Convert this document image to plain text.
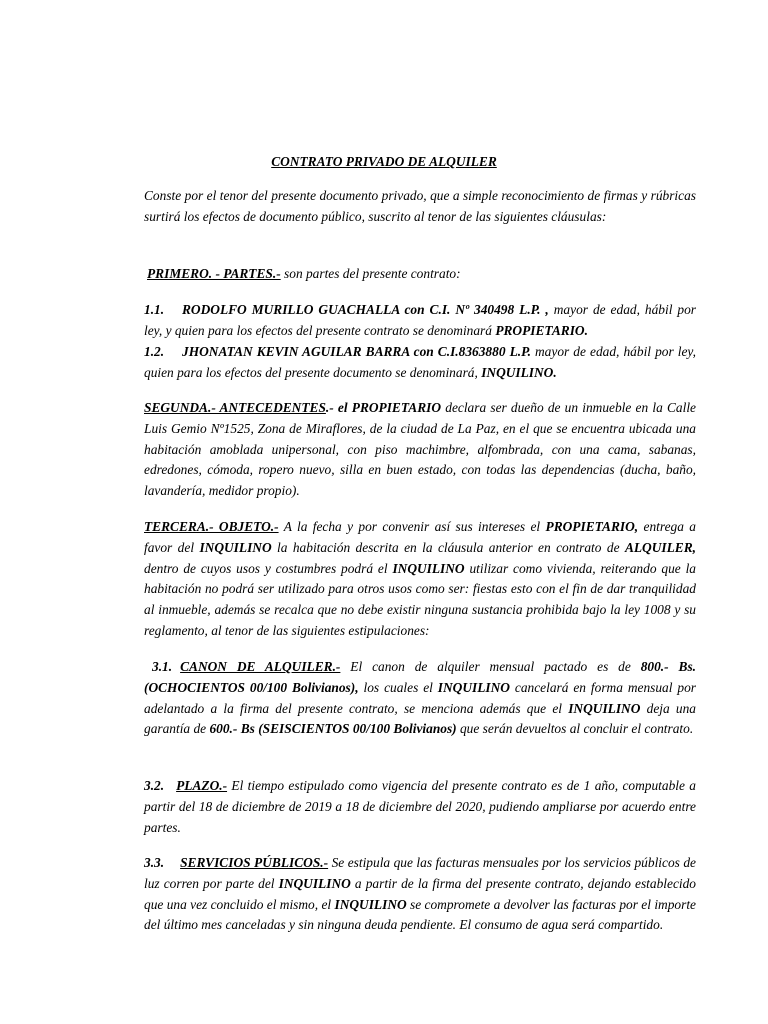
CONTRATO PRIVADO DE ALQUILER
Conste por el tenor del presente documento privado, que a simple reconocimiento de firmas y rúbricas surtirá los efectos de documento público, suscrito al tenor de las siguientes cláusulas:
PRIMERO. - PARTES.- son partes del presente contrato:
1.1. RODOLFO MURILLO GUACHALLA con C.I. Nº 340498 L.P. , mayor de edad, hábil por ley, y quien para los efectos del presente contrato se denominará PROPIETARIO.
1.2. JHONATAN KEVIN AGUILAR BARRA con C.I.8363880 L.P. mayor de edad, hábil por ley, quien para los efectos del presente documento se denominará, INQUILINO.
SEGUNDA.- ANTECEDENTES.- el PROPIETARIO declara ser dueño de un inmueble en la Calle Luis Gemio Nº1525, Zona de Miraflores, de la ciudad de La Paz, en el que se encuentra ubicada una habitación amoblada unipersonal, con piso machimbre, alfombrada, con una cama, sabanas, edredones, cómoda, ropero nuevo, silla en buen estado, con todas las dependencias (ducha, baño, lavandería, medidor propio).
TERCERA.- OBJETO.- A la fecha y por convenir así sus intereses el PROPIETARIO, entrega a favor del INQUILINO la habitación descrita en la cláusula anterior en contrato de ALQUILER, dentro de cuyos usos y costumbres podrá el INQUILINO utilizar como vivienda, reiterando que la habitación no podrá ser utilizado para otros usos como ser: fiestas esto con el fin de dar tranquilidad al inmueble, además se recalca que no debe existir ninguna sustancia prohibida bajo la ley 1008 y su reglamento, al tenor de las siguientes estipulaciones:
3.1. CANON DE ALQUILER.- El canon de alquiler mensual pactado es de 800.- Bs. (OCHOCIENTOS 00/100 Bolivianos), los cuales el INQUILINO cancelará en forma mensual por adelantado a la firma del presente contrato, se menciona además que el INQUILINO deja una garantía de 600.- Bs (SEISCIENTOS 00/100 Bolivianos) que serán devueltos al concluir el contrato.
3.2. PLAZO.- El tiempo estipulado como vigencia del presente contrato es de 1 año, computable a partir del 18 de diciembre de 2019 a 18 de diciembre del 2020, pudiendo ampliarse por acuerdo entre partes.
3.3. SERVICIOS PÚBLICOS.- Se estipula que las facturas mensuales por los servicios públicos de luz corren por parte del INQUILINO a partir de la firma del presente contrato, dejando establecido que una vez concluido el mismo, el INQUILINO se compromete a devolver las facturas por el importe del último mes canceladas y sin ninguna deuda pendiente. El consumo de agua será compartido.
